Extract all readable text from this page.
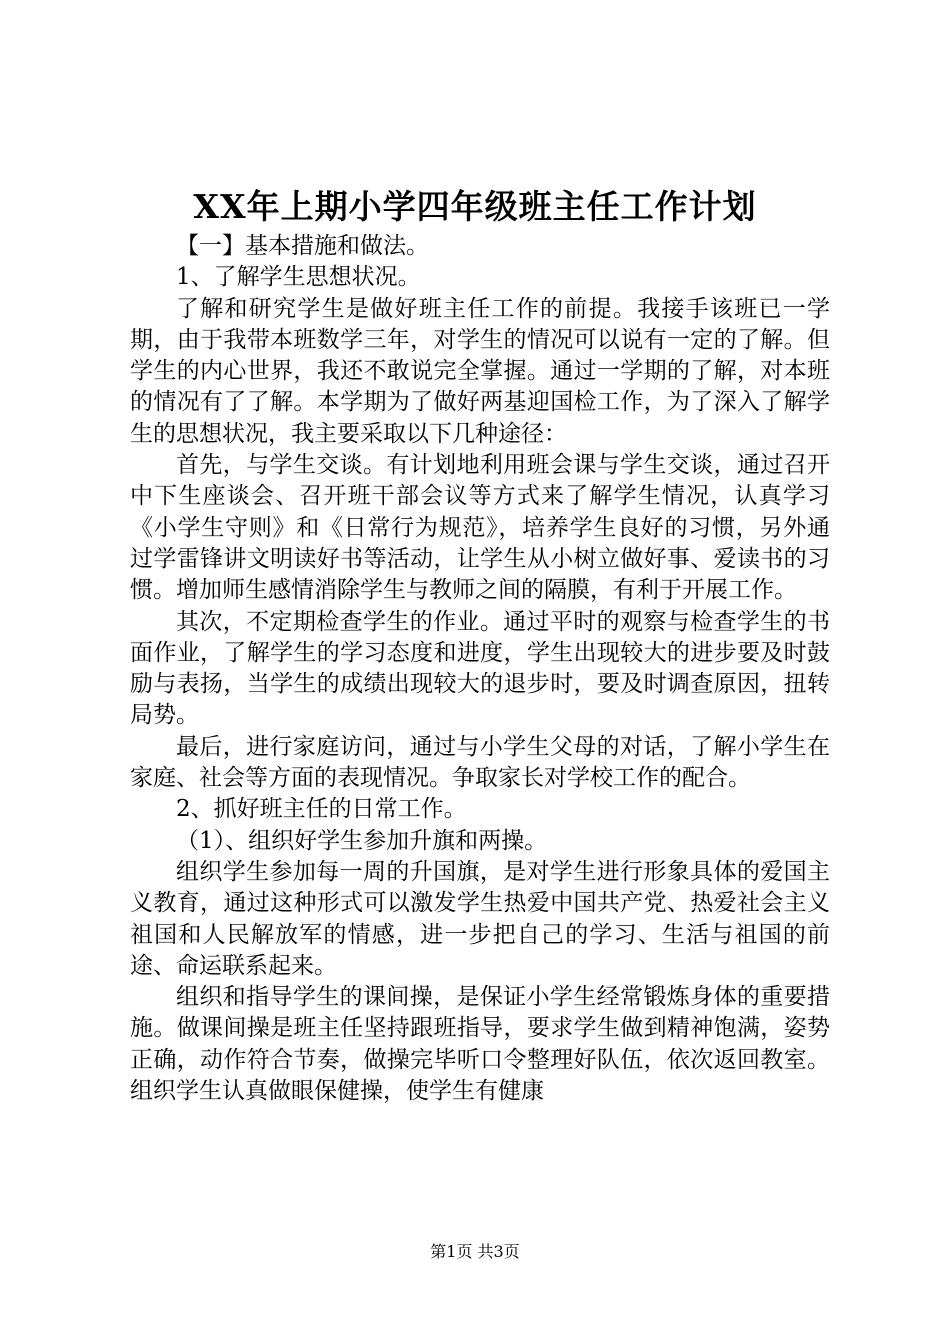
XX年上期小学四年级班主任工作计划

【一】基本措施和做法。

1、了解学生思想状况。

了解和研究学生是做好班主任工作的前提。我接手该班已一学期，由于我带本班数学三年，对学生的情况可以说有一定的了解。但学生的内心世界，我还不敢说完全掌握。通过一学期的了解，对本班的情况有了了解。本学期为了做好两基迎国检工作，为了深入了解学生的思想状况，我主要采取以下几种途径：

首先，与学生交谈。有计划地利用班会课与学生交谈，通过召开中下生座谈会、召开班干部会议等方式来了解学生情况，认真学习《小学生守则》和《日常行为规范》，培养学生良好的习惯，另外通过学雷锋讲文明读好书等活动，让学生从小树立做好事、爱读书的习惯。增加师生感情消除学生与教师之间的隔膜，有利于开展工作。

其次，不定期检查学生的作业。通过平时的观察与检查学生的书面作业，了解学生的学习态度和进度，学生出现较大的进步要及时鼓励与表扬，当学生的成绩出现较大的退步时，要及时调查原因，扭转局势。

最后，进行家庭访问，通过与小学生父母的对话，了解小学生在家庭、社会等方面的表现情况。争取家长对学校工作的配合。

2、抓好班主任的日常工作。

（1）、组织好学生参加升旗和两操。

组织学生参加每一周的升国旗，是对学生进行形象具体的爱国主义教育，通过这种形式可以激发学生热爱中国共产党、热爱社会主义祖国和人民解放军的情感，进一步把自己的学习、生活与祖国的前途、命运联系起来。

组织和指导学生的课间操，是保证小学生经常锻炼身体的重要措施。做课间操是班主任坚持跟班指导，要求学生做到精神饱满，姿势正确，动作符合节奏，做操完毕听口令整理好队伍，依次返回教室。组织学生认真做眼保健操，使学生有健康

第1页 共3页
